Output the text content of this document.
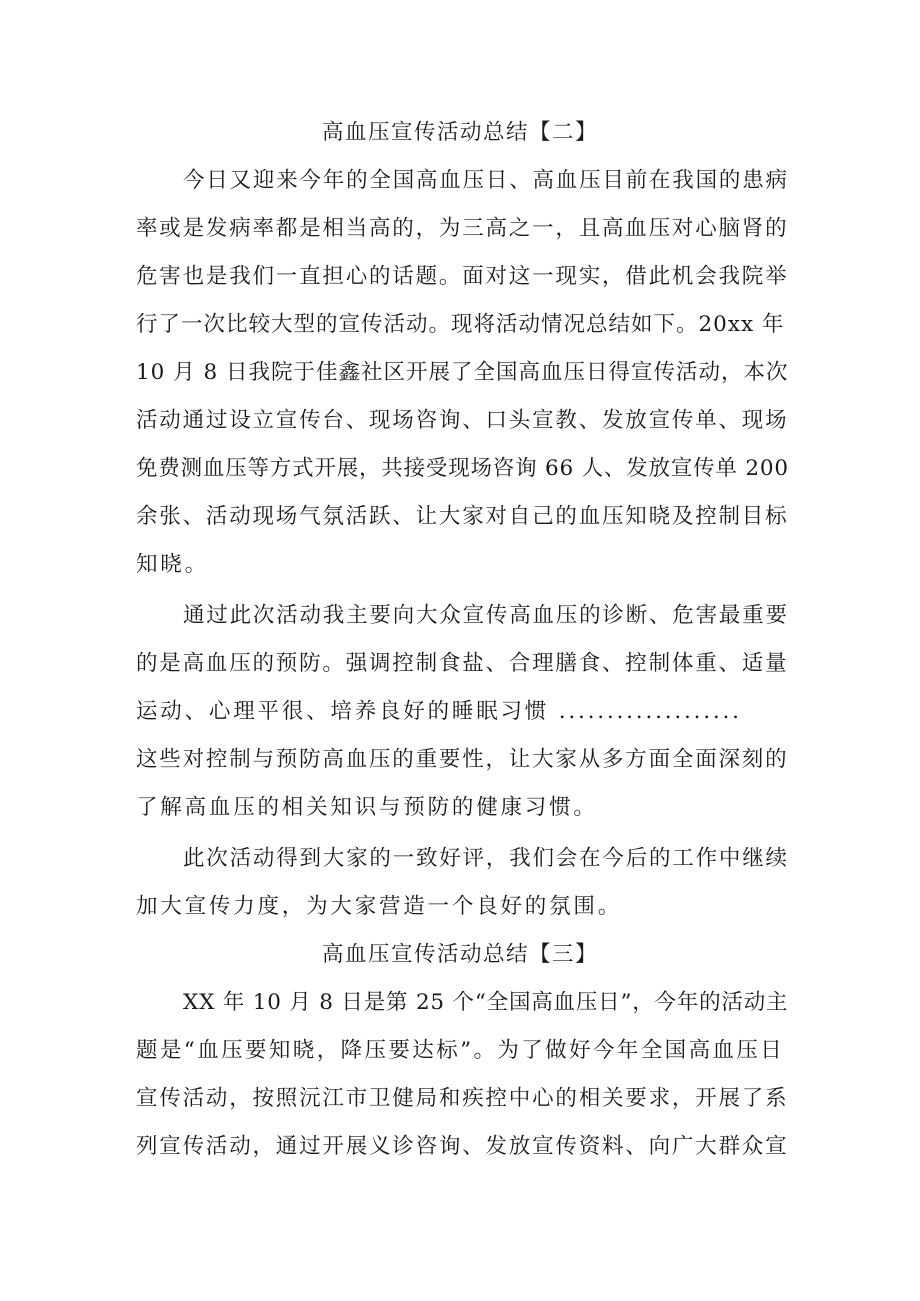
高血压宣传活动总结【二】
今日又迎来今年的全国高血压日、高血压目前在我国的患病
率或是发病率都是相当高的，为三高之一，且高血压对心脑肾的
危害也是我们一直担心的话题。面对这一现实，借此机会我院举
行了一次比较大型的宣传活动。现将活动情况总结如下。20xx 年
10 月 8 日我院于佳鑫社区开展了全国高血压日得宣传活动，本次
活动通过设立宣传台、现场咨询、口头宣教、发放宣传单、现场
免费测血压等方式开展，共接受现场咨询 66 人、发放宣传单 200
余张、活动现场气氛活跃、让大家对自己的血压知晓及控制目标
知晓。
通过此次活动我主要向大众宣传高血压的诊断、危害最重要
的是高血压的预防。强调控制食盐、合理膳食、控制体重、适量
运动、心理平很、培养良好的睡眠习惯 ...................
这些对控制与预防高血压的重要性，让大家从多方面全面深刻的
了解高血压的相关知识与预防的健康习惯。
此次活动得到大家的一致好评，我们会在今后的工作中继续
加大宣传力度，为大家营造一个良好的氛围。
高血压宣传活动总结【三】
XX 年 10 月 8 日是第 25 个“全国高血压日”，今年的活动主
题是“血压要知晓，降压要达标”。为了做好今年全国高血压日
宣传活动，按照沅江市卫健局和疾控中心的相关要求，开展了系
列宣传活动，通过开展义诊咨询、发放宣传资料、向广大群众宣
